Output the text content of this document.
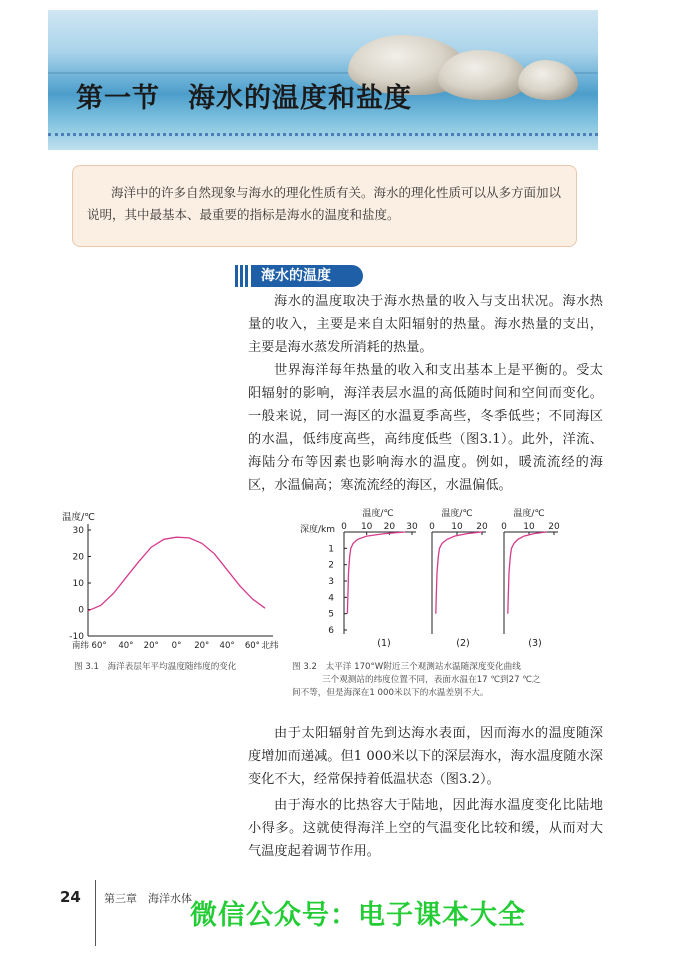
第一节　海水的温度和盐度

海洋中的许多自然现象与海水的理化性质有关。海水的理化性质可以从多方面加以说明，其中最基本、最重要的指标是海水的温度和盐度。

海水的温度

海水的温度取决于海水热量的收入与支出状况。海水热量的收入，主要是来自太阳辐射的热量。海水热量的支出，主要是海水蒸发所消耗的热量。

世界海洋每年热量的收入和支出基本上是平衡的。受太阳辐射的影响，海洋表层水温的高低随时间和空间而变化。一般来说，同一海区的水温夏季高些，冬季低些；不同海区的水温，低纬度高些，高纬度低些（图3.1）。此外，洋流、海陆分布等因素也影响海水的温度。例如，暖流流经的海区，水温偏高；寒流流经的海区，水温偏低。

温度/℃
-10
0
10
20
30
南纬 60° 40° 20° 0° 20° 40° 60° 北纬
图 3.1　海洋表层年平均温度随纬度的变化
深度/km
温度/℃
0 10 20 30
1
2
3
4
5
6
(1)
温度/℃
0 10 20
(2)
温度/℃
0 10 20
(3)
图 3.2　太平洋 170°W附近三个观测站水温随深度变化曲线
三个观测站的纬度位置不同，表面水温在17 ℃到27 ℃之
间不等，但是海深在1 000米以下的水温差别不大。

由于太阳辐射首先到达海水表面，因而海水的温度随深度增加而递减。但1 000米以下的深层海水，海水温度随水深变化不大，经常保持着低温状态（图3.2）。

由于海水的比热容大于陆地，因此海水温度变化比陆地小得多。这就使得海洋上空的气温变化比较和缓，从而对大气温度起着调节作用。

24 第三章　海洋水体
微信公众号：电子课本大全
